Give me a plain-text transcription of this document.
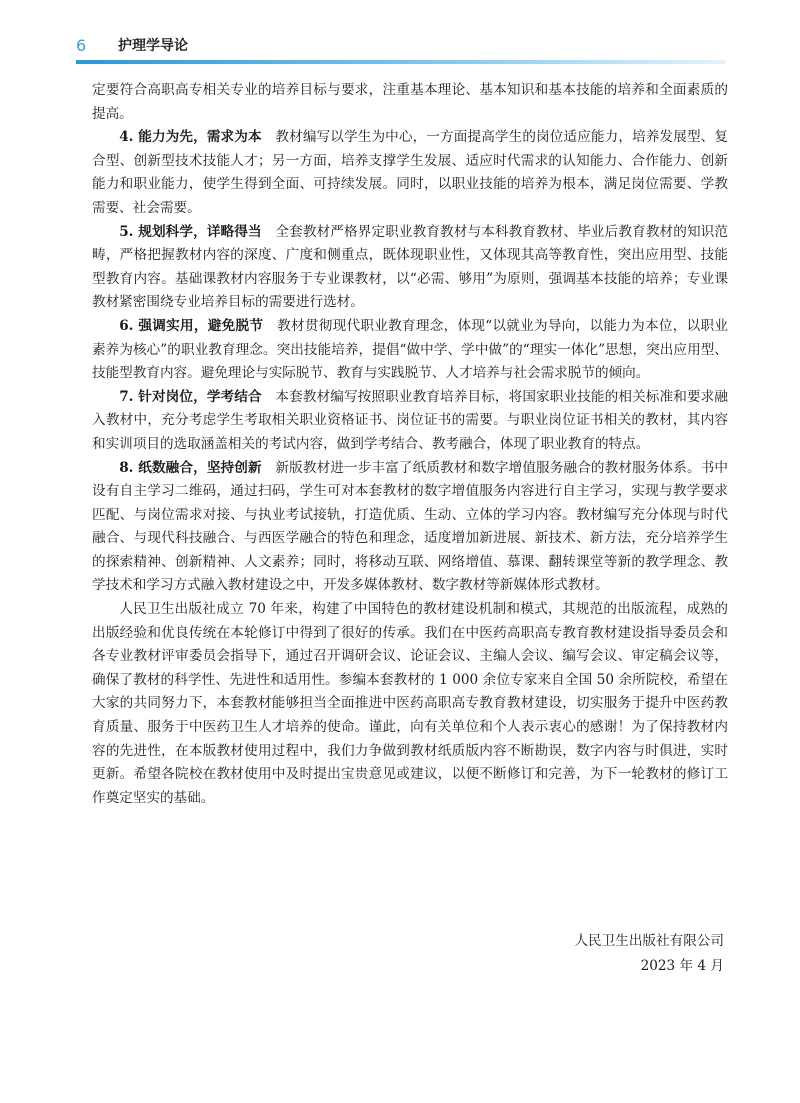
6 护理学导论

定要符合高职高专相关专业的培养目标与要求，注重基本理论、基本知识和基本技能的培养和全面素质的提高。

4. 能力为先，需求为本　教材编写以学生为中心，一方面提高学生的岗位适应能力，培养发展型、复合型、创新型技术技能人才；另一方面，培养支撑学生发展、适应时代需求的认知能力、合作能力、创新能力和职业能力，使学生得到全面、可持续发展。同时，以职业技能的培养为根本，满足岗位需要、学教需要、社会需要。

5. 规划科学，详略得当　全套教材严格界定职业教育教材与本科教育教材、毕业后教育教材的知识范畴，严格把握教材内容的深度、广度和侧重点，既体现职业性，又体现其高等教育性，突出应用型、技能型教育内容。基础课教材内容服务于专业课教材，以“必需、够用”为原则，强调基本技能的培养；专业课教材紧密围绕专业培养目标的需要进行选材。

6. 强调实用，避免脱节　教材贯彻现代职业教育理念，体现“以就业为导向，以能力为本位，以职业素养为核心”的职业教育理念。突出技能培养，提倡“做中学、学中做”的“理实一体化”思想，突出应用型、技能型教育内容。避免理论与实际脱节、教育与实践脱节、人才培养与社会需求脱节的倾向。

7. 针对岗位，学考结合　本套教材编写按照职业教育培养目标，将国家职业技能的相关标准和要求融入教材中，充分考虑学生考取相关职业资格证书、岗位证书的需要。与职业岗位证书相关的教材，其内容和实训项目的选取涵盖相关的考试内容，做到学考结合、教考融合，体现了职业教育的特点。

8. 纸数融合，坚持创新　新版教材进一步丰富了纸质教材和数字增值服务融合的教材服务体系。书中设有自主学习二维码，通过扫码，学生可对本套教材的数字增值服务内容进行自主学习，实现与教学要求匹配、与岗位需求对接、与执业考试接轨，打造优质、生动、立体的学习内容。教材编写充分体现与时代融合、与现代科技融合、与西医学融合的特色和理念，适度增加新进展、新技术、新方法，充分培养学生的探索精神、创新精神、人文素养；同时，将移动互联、网络增值、慕课、翻转课堂等新的教学理念、教学技术和学习方式融入教材建设之中，开发多媒体教材、数字教材等新媒体形式教材。

人民卫生出版社成立 70 年来，构建了中国特色的教材建设机制和模式，其规范的出版流程，成熟的出版经验和优良传统在本轮修订中得到了很好的传承。我们在中医药高职高专教育教材建设指导委员会和各专业教材评审委员会指导下，通过召开调研会议、论证会议、主编人会议、编写会议、审定稿会议等，确保了教材的科学性、先进性和适用性。参编本套教材的 1 000 余位专家来自全国 50 余所院校，希望在大家的共同努力下，本套教材能够担当全面推进中医药高职高专教育教材建设，切实服务于提升中医药教育质量、服务于中医药卫生人才培养的使命。谨此，向有关单位和个人表示衷心的感谢！为了保持教材内容的先进性，在本版教材使用过程中，我们力争做到教材纸质版内容不断勘误，数字内容与时俱进，实时更新。希望各院校在教材使用中及时提出宝贵意见或建议，以便不断修订和完善，为下一轮教材的修订工作奠定坚实的基础。

人民卫生出版社有限公司
2023 年 4 月
